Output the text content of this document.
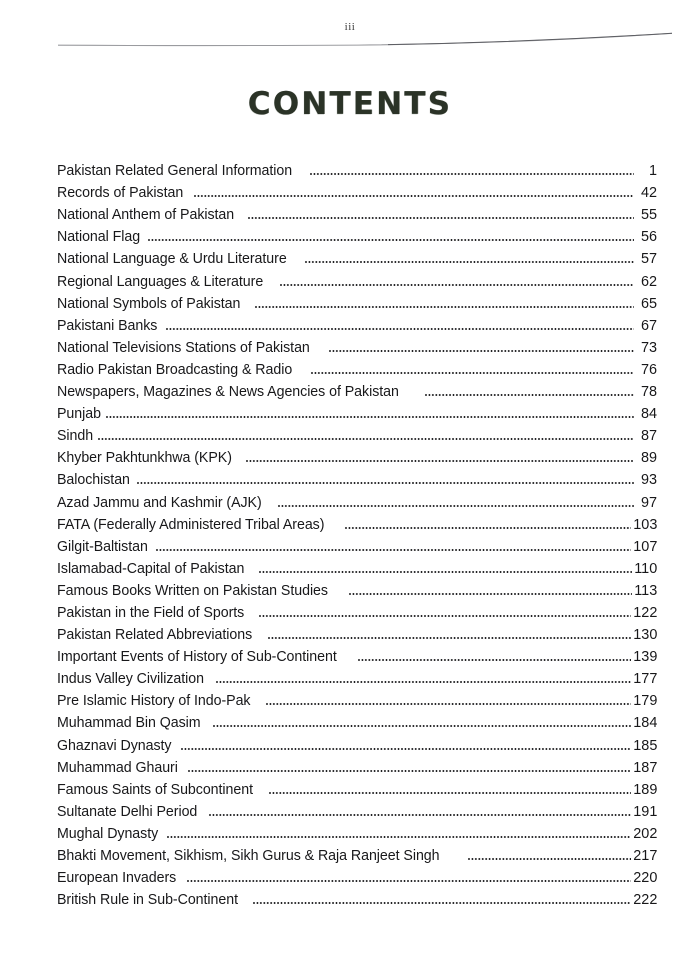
iii
CONTENTS
Pakistan Related General Information	1
Records of Pakistan	42
National Anthem of Pakistan	55
National Flag	56
National Language & Urdu Literature	57
Regional Languages & Literature	62
National Symbols of Pakistan	65
Pakistani Banks	67
National Televisions Stations of Pakistan	73
Radio Pakistan Broadcasting & Radio	76
Newspapers, Magazines & News Agencies of Pakistan	78
Punjab	84
Sindh	87
Khyber Pakhtunkhwa (KPK)	89
Balochistan	93
Azad Jammu and Kashmir (AJK)	97
FATA (Federally Administered Tribal Areas)	103
Gilgit-Baltistan	107
Islamabad-Capital of Pakistan	110
Famous Books Written on Pakistan Studies	113
Pakistan in the Field of Sports	122
Pakistan Related Abbreviations	130
Important Events of History of Sub-Continent	139
Indus Valley Civilization	177
Pre Islamic History of Indo-Pak	179
Muhammad Bin Qasim	184
Ghaznavi Dynasty	185
Muhammad Ghauri	187
Famous Saints of Subcontinent	189
Sultanate Delhi Period	191
Mughal Dynasty	202
Bhakti Movement, Sikhism, Sikh Gurus & Raja Ranjeet Singh	217
European Invaders	220
British Rule in Sub-Continent	222
